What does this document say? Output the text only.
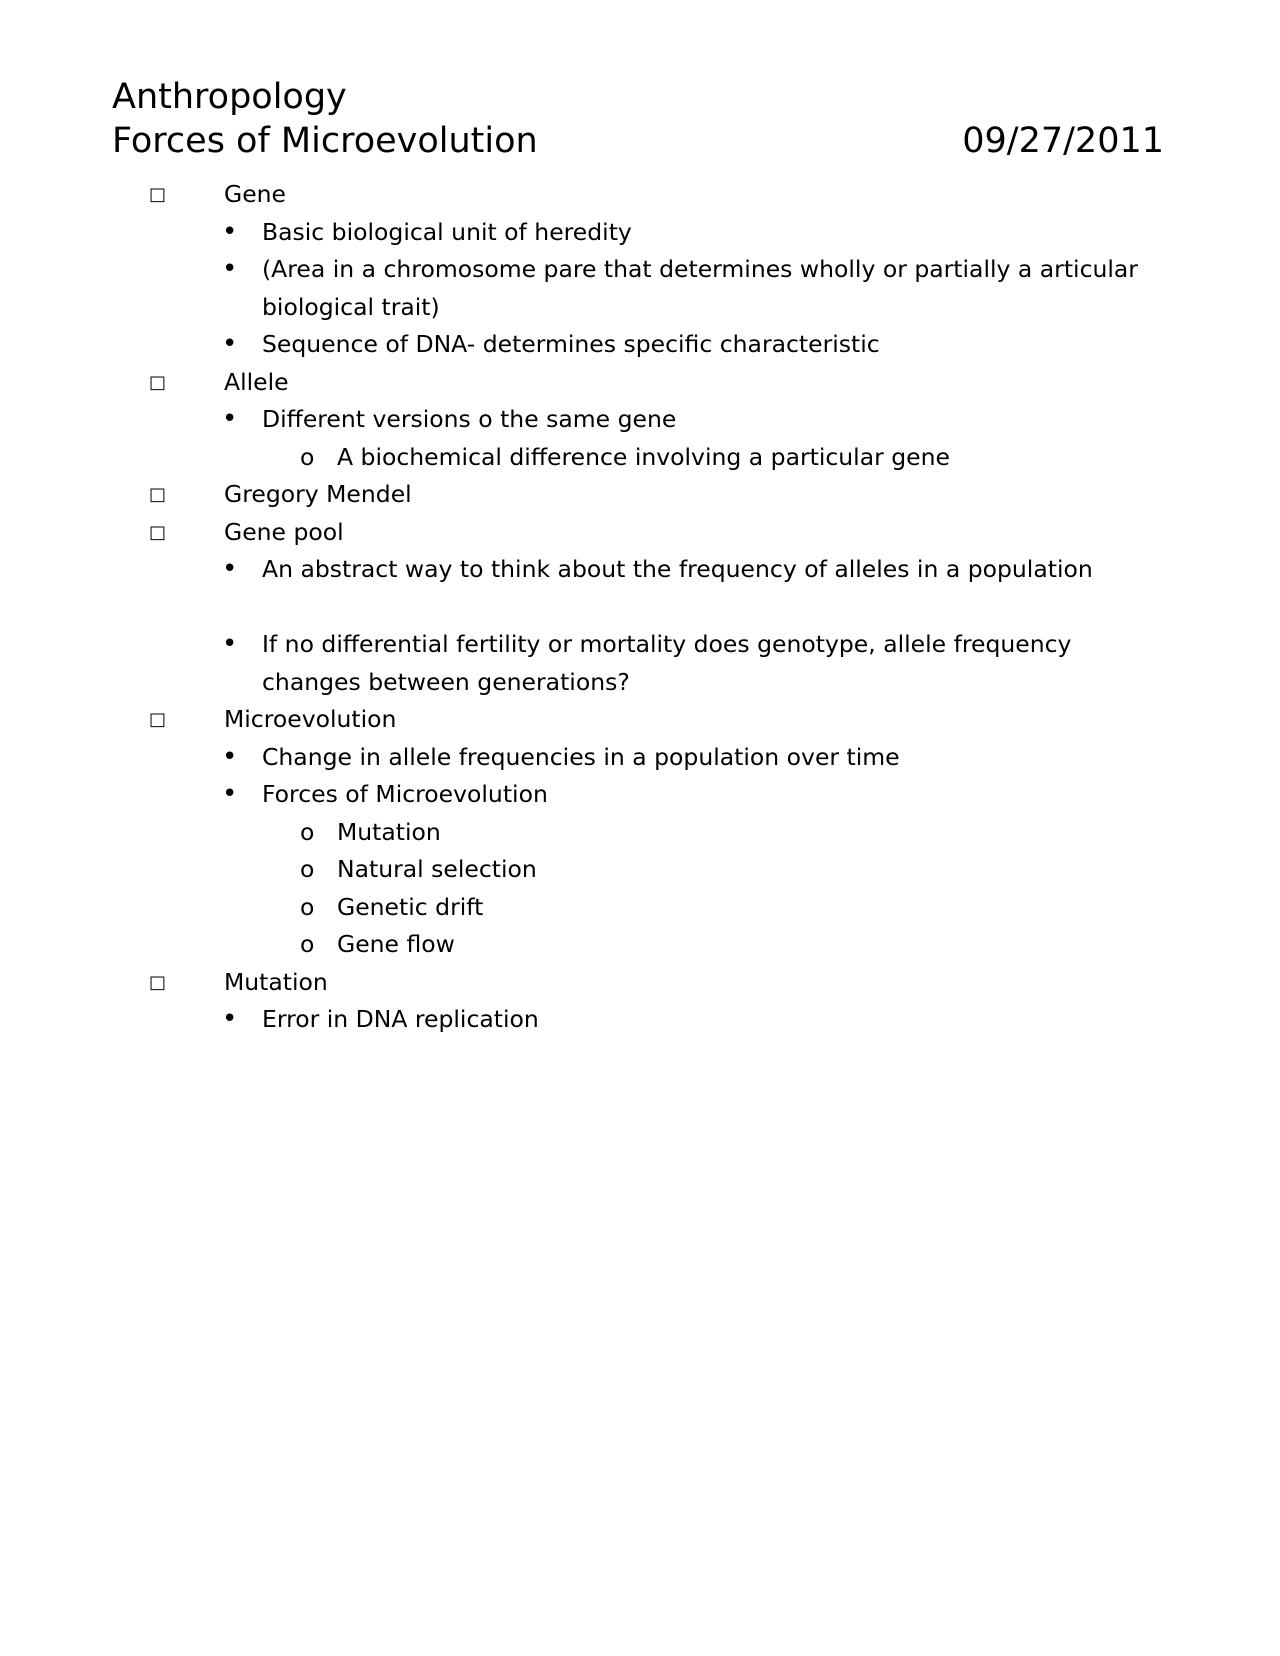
Anthropology
Forces of Microevolution	09/27/2011
□ Gene
• Basic biological unit of heredity
• (Area in a chromosome pare that determines wholly or partially a articular biological trait)
• Sequence of DNA- determines specific characteristic
□ Allele
• Different versions o the same gene
o A biochemical difference involving a particular gene
□ Gregory Mendel
□ Gene pool
• An abstract way to think about the frequency of alleles in a population
• If no differential fertility or mortality does genotype, allele frequency changes between generations?
□ Microevolution
• Change in allele frequencies in a population over time
• Forces of Microevolution
o Mutation
o Natural selection
o Genetic drift
o Gene flow
□ Mutation
• Error in DNA replication
